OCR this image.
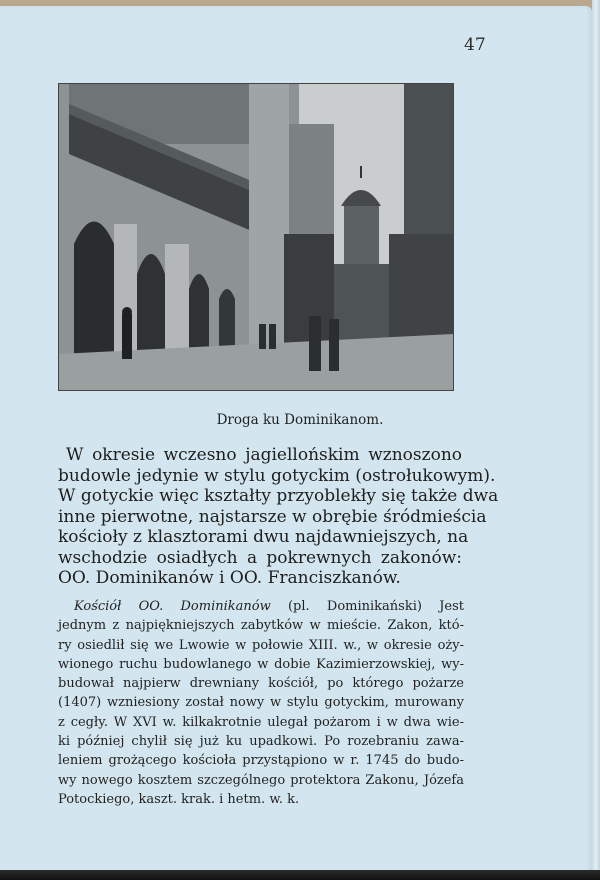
47
Droga ku Dominikanom.
W okresie wczesno jagiellońskim wznoszono
budowle jedynie w stylu gotyckim (ostrołukowym).
W gotyckie więc kształty przyoblekły się także dwa
inne pierwotne, najstarsze w obrębie śródmieścia
kościoły z klasztorami dwu najdawniejszych, na
wschodzie osiadłych a pokrewnych zakonów:
OO. Dominikanów i OO. Franciszkanów.
Kościół OO. Dominikanów (pl. Dominikański) Jest
jednym z najpiękniejszych zabytków w mieście. Zakon, któ-
ry osiedlił się we Lwowie w połowie XIII. w., w okresie oży-
wionego ruchu budowlanego w dobie Kazimierzowskiej, wy-
budował najpierw drewniany kościół, po którego pożarze
(1407) wzniesiony został nowy w stylu gotyckim, murowany
z cegły. W XVI w. kilkakrotnie ulegał pożarom i w dwa wie-
ki później chylił się już ku upadkowi. Po rozebraniu zawa-
leniem grożącego kościoła przystąpiono w r. 1745 do budo-
wy nowego kosztem szczególnego protektora Zakonu, Józefa
Potockiego, kaszt. krak. i hetm. w. k.
